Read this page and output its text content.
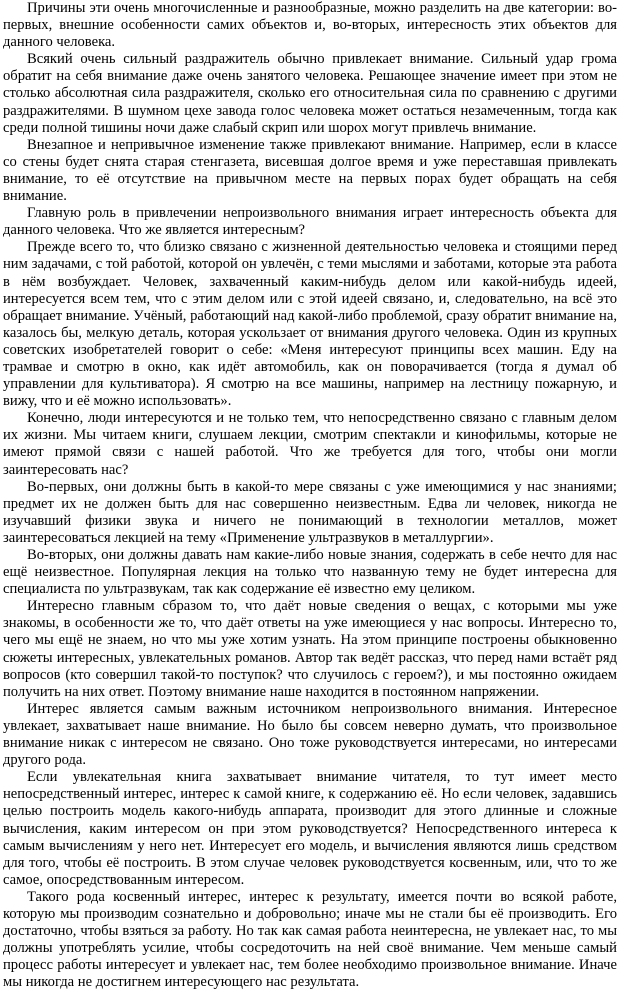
Причины эти очень многочисленные и разнообразные, можно разделить на две категории: во-первых, внешние особенности самих объектов и, во-вторых, интересность этих объектов для данного человека.

Всякий очень сильный раздражитель обычно привлекает внимание. Сильный удар грома обратит на себя внимание даже очень занятого человека. Решающее значение имеет при этом не столько абсолютная сила раздражителя, сколько его относительная сила по сравнению с другими раздражителями. В шумном цехе завода голос человека может остаться незамеченным, тогда как среди полной тишины ночи даже слабый скрип или шорох могут привлечь внимание.

Внезапное и непривычное изменение также привлекают внимание. Например, если в классе со стены будет снята старая стенгазета, висевшая долгое время и уже переставшая привлекать внимание, то её отсутствие на привычном месте на первых порах будет обращать на себя внимание.

Главную роль в привлечении непроизвольного внимания играет интересность объекта для данного человека. Что же является интересным?

Прежде всего то, что близко связано с жизненной деятельностью человека и стоящими перед ним задачами, с той работой, которой он увлечён, с теми мыслями и заботами, которые эта работа в нём возбуждает. Человек, захваченный каким-нибудь делом или какой-нибудь идеей, интересуется всем тем, что с этим делом или с этой идеей связано, и, следовательно, на всё это обращает внимание. Учёный, работающий над какой-либо проблемой, сразу обратит внимание на, казалось бы, мелкую деталь, которая ускользает от внимания другого человека. Один из крупных советских изобретателей говорит о себе: «Меня интересуют принципы всех машин. Еду на трамвае и смотрю в окно, как идёт автомобиль, как он поворачивается (тогда я думал об управлении для культиватора). Я смотрю на все машины, например на лестницу пожарную, и вижу, что и её можно использовать».

Конечно, люди интересуются и не только тем, что непосредственно связано с главным делом их жизни. Мы читаем книги, слушаем лекции, смотрим спектакли и кинофильмы, которые не имеют прямой связи с нашей работой. Что же требуется для того, чтобы они могли заинтересовать нас?

Во-первых, они должны быть в какой-то мере связаны с уже имеющимися у нас знаниями; предмет их не должен быть для нас совершенно неизвестным. Едва ли человек, никогда не изучавший физики звука и ничего не понимающий в технологии металлов, может заинтересоваться лекцией на тему «Применение ультразвуков в металлургии».

Во-вторых, они должны давать нам какие-либо новые знания, содержать в себе нечто для нас ещё неизвестное. Популярная лекция на только что названную тему не будет интересна для специалиста по ультразвукам, так как содержание её известно ему целиком.

Интересно главным сбразом то, что даёт новые сведения о вещах, с которыми мы уже знакомы, в особенности же то, что даёт ответы на уже имеющиеся у нас вопросы. Интересно то, чего мы ещё не знаем, но что мы уже хотим узнать. На этом принципе построены обыкновенно сюжеты интересных, увлекательных романов. Автор так ведёт рассказ, что перед нами встаёт ряд вопросов (кто совершил такой-то поступок? что случилось с героем?), и мы постоянно ожидаем получить на них ответ. Поэтому внимание наше находится в постоянном напряжении.

Интерес является самым важным источником непроизвольного внимания. Интересное увлекает, захватывает наше внимание. Но было бы совсем неверно думать, что произвольное внимание никак с интересом не связано. Оно тоже руководствуется интересами, но интересами другого рода.

Если увлекательная книга захватывает внимание читателя, то тут имеет место непосредственный интерес, интерес к самой книге, к содержанию её. Но если человек, задавшись целью построить модель какого-нибудь аппарата, производит для этого длинные и сложные вычисления, каким интересом он при этом руководствуется? Непосредственного интереса к самым вычислениям у него нет. Интересует его модель, и вычисления являются лишь средством для того, чтобы её построить. В этом случае человек руководствуется косвенным, или, что то же самое, опосредствованным интересом.

Такого рода косвенный интерес, интерес к результату, имеется почти во всякой работе, которую мы производим сознательно и добровольно; иначе мы не стали бы её производить. Его достаточно, чтобы взяться за работу. Но так как самая работа неинтересна, не увлекает нас, то мы должны употреблять усилие, чтобы сосредоточить на ней своё внимание. Чем меньше самый процесс работы интересует и увлекает нас, тем более необходимо произвольное внимание. Иначе мы никогда не достигнем интересующего нас результата.
